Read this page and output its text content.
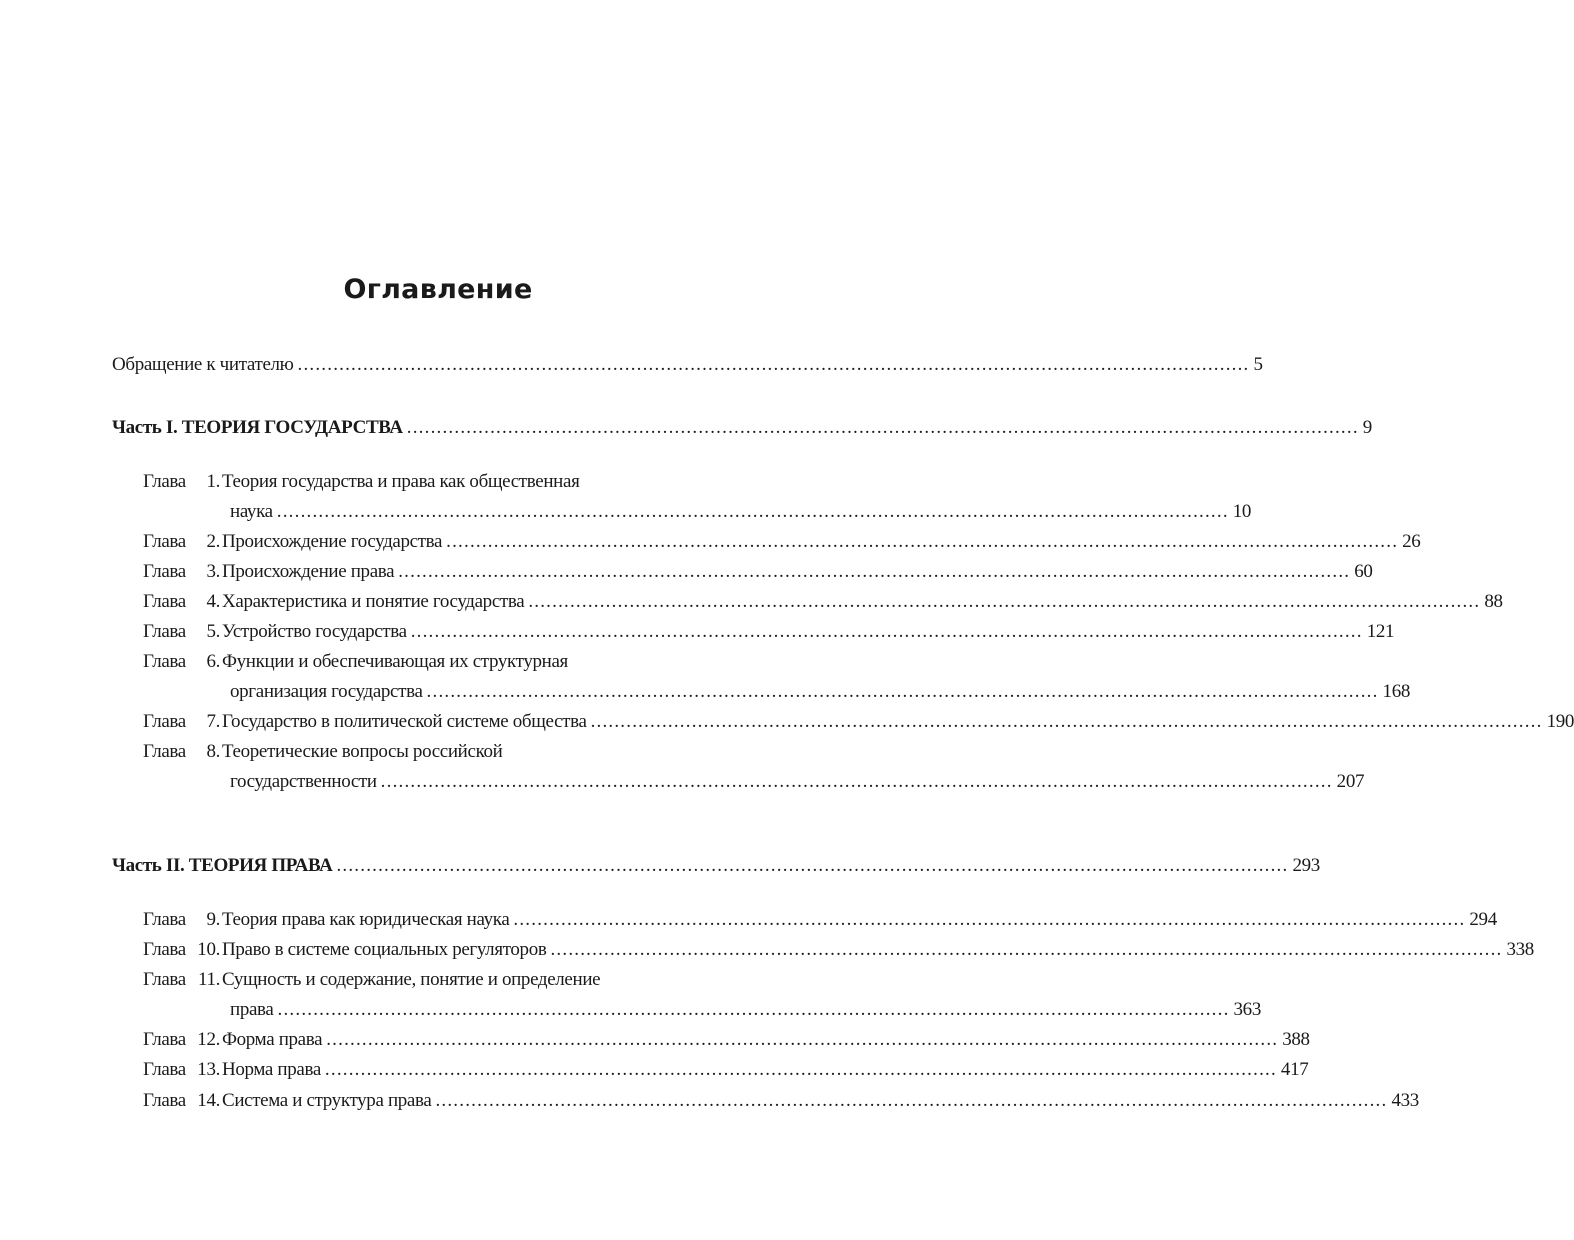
Оглавление
Обращение к читателю .....	5
Часть I. ТЕОРИЯ ГОСУДАРСТВА .....	9
Глава	1. Теория государства и права как общественная
наука .....	10
Глава	2. Происхождение государства .....	26
Глава	3. Происхождение права .....	60
Глава	4. Характеристика и понятие государства .....	88
Глава	5. Устройство государства .....	121
Глава	6. Функции и обеспечивающая их структурная
организация государства .....	168
Глава	7. Государство в политической системе общества .....	190
Глава	8. Теоретические вопросы российской
государственности .....	207
Часть II. ТЕОРИЯ ПРАВА .....	293
Глава	9. Теория права как юридическая наука .....	294
Глава 10. Право в системе социальных регуляторов .....	338
Глава 11. Сущность и содержание, понятие и определение
права .....	363
Глава 12. Форма права .....	388
Глава 13. Норма права .....	417
Глава 14. Система и структура права .....	433
